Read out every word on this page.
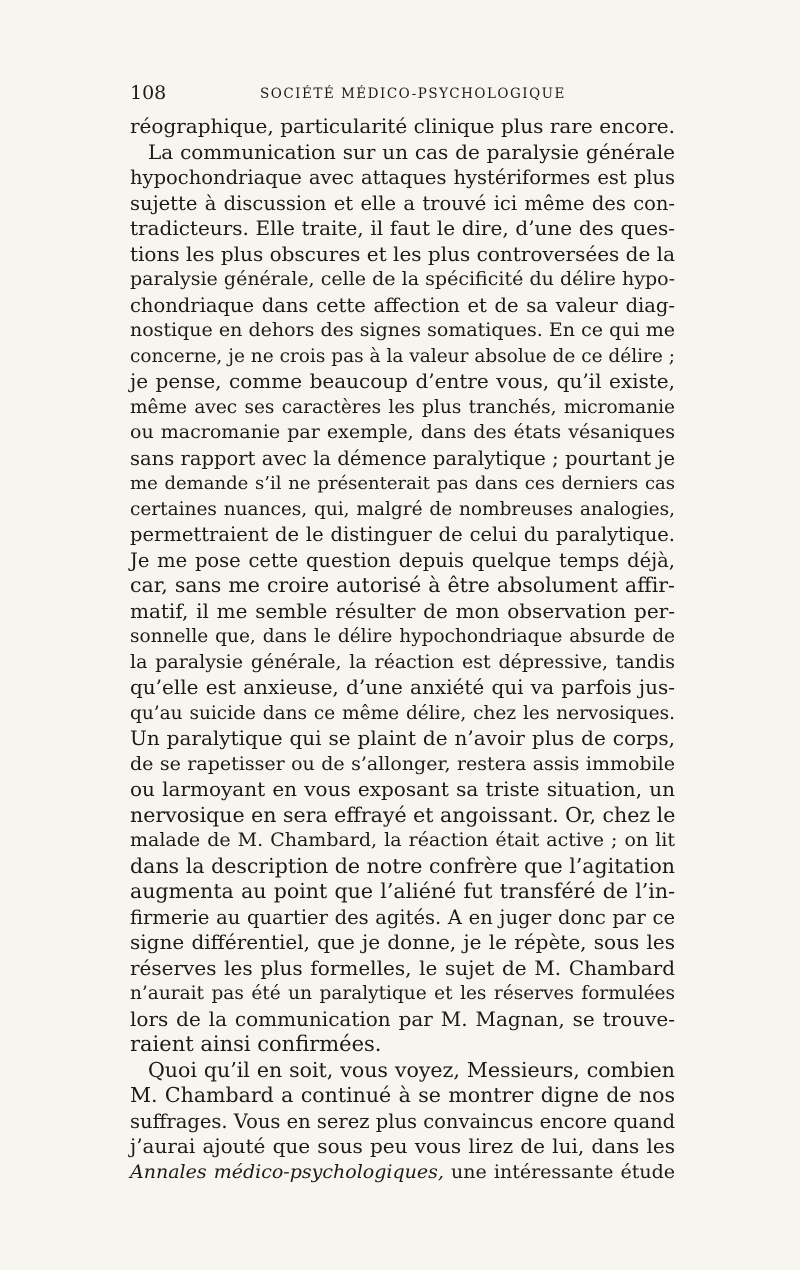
108	SOCIÉTÉ MÉDICO-PSYCHOLOGIQUE
réographique, particularité clinique plus rare encore.
La communication sur un cas de paralysie générale
hypochondriaque avec attaques hystériformes est plus
sujette à discussion et elle a trouvé ici même des con-
tradicteurs. Elle traite, il faut le dire, d’une des ques-
tions les plus obscures et les plus controversées de la
paralysie générale, celle de la spécificité du délire hypo-
chondriaque dans cette affection et de sa valeur diag-
nostique en dehors des signes somatiques. En ce qui me
concerne, je ne crois pas à la valeur absolue de ce délire ;
je pense, comme beaucoup d’entre vous, qu’il existe,
même avec ses caractères les plus tranchés, micromanie
ou macromanie par exemple, dans des états vésaniques
sans rapport avec la démence paralytique ; pourtant je
me demande s’il ne présenterait pas dans ces derniers cas
certaines nuances, qui, malgré de nombreuses analogies,
permettraient de le distinguer de celui du paralytique.
Je me pose cette question depuis quelque temps déjà,
car, sans me croire autorisé à être absolument affir-
matif, il me semble résulter de mon observation per-
sonnelle que, dans le délire hypochondriaque absurde de
la paralysie générale, la réaction est dépressive, tandis
qu’elle est anxieuse, d’une anxiété qui va parfois jus-
qu’au suicide dans ce même délire, chez les nervosiques.
Un paralytique qui se plaint de n’avoir plus de corps,
de se rapetisser ou de s’allonger, restera assis immobile
ou larmoyant en vous exposant sa triste situation, un
nervosique en sera effrayé et angoissant. Or, chez le
malade de M. Chambard, la réaction était active ; on lit
dans la description de notre confrère que l’agitation
augmenta au point que l’aliéné fut transféré de l’in-
firmerie au quartier des agités. A en juger donc par ce
signe différentiel, que je donne, je le répète, sous les
réserves les plus formelles, le sujet de M. Chambard
n’aurait pas été un paralytique et les réserves formulées
lors de la communication par M. Magnan, se trouve-
raient ainsi confirmées.
Quoi qu’il en soit, vous voyez, Messieurs, combien
M. Chambard a continué à se montrer digne de nos
suffrages. Vous en serez plus convaincus encore quand
j’aurai ajouté que sous peu vous lirez de lui, dans les
Annales médico-psychologiques, une intéressante étude
